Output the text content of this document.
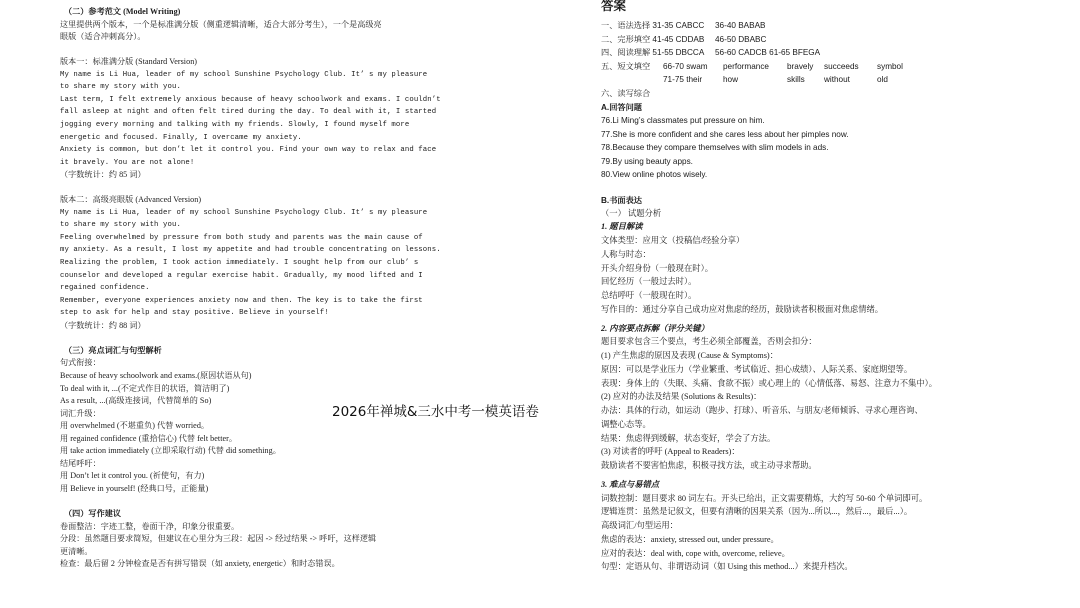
（二）参考范文 (Model Writing)
这里提供两个版本，一个是标准满分版（侧重逻辑清晰，适合大部分考生），一个是高级亮
眼版（适合冲刺高分）。
版本一：标准满分版 (Standard Version)
My name is Li Hua, leader of my school Sunshine Psychology Club. It’ s my pleasure
to share my story with you.
Last term, I felt extremely anxious because of heavy schoolwork and exams. I couldn’t
fall asleep at night and often felt tired during the day. To deal with it, I started
jogging every morning and talking with my friends. Slowly, I found myself more
energetic and focused. Finally, I overcame my anxiety.
Anxiety is common, but don’t let it control you. Find your own way to relax and face
it bravely. You are not alone!
（字数统计：约 85 词）
版本二：高级亮眼版 (Advanced Version)
My name is Li Hua, leader of my school Sunshine Psychology Club. It’ s my pleasure
to share my story with you.
Feeling overwhelmed by pressure from both study and parents was the main cause of
my anxiety. As a result, I lost my appetite and had trouble concentrating on lessons.
Realizing the problem, I took action immediately. I sought help from our club’ s
counselor and developed a regular exercise habit. Gradually, my mood lifted and I
regained confidence.
Remember, everyone experiences anxiety now and then. The key is to take the first
step to ask for help and stay positive. Believe in yourself!
（字数统计：约 88 词）
（三）亮点词汇与句型解析
句式衔接：
Because of heavy schoolwork and exams.(原因状语从句)
To deal with it, ...(不定式作目的状语，简洁明了)
As a result, ...(高级连接词，代替简单的 So)
词汇升级：
用 overwhelmed (不堪重负) 代替 worried。
用 regained confidence (重拾信心) 代替 felt better。
用 take action immediately (立即采取行动) 代替 did something。
结尾呼吁：
用 Don’t let it control you. (祈使句，有力)
用 Believe in yourself! (经典口号，正能量)
（四）写作建议
卷面整洁：字迹工整，卷面干净，印象分很重要。
分段：虽然题目要求简短，但建议在心里分为三段：起因 -> 经过结果 -> 呼吁，这样逻辑
更清晰。
检查：最后留 2 分钟检查是否有拼写错误（如 anxiety, energetic）和时态错误。
答案
一、语法选择 31-35 CABCC 36-40 BABAB
二、完形填空 41-45 CDDAB 46-50 DBABC
四、阅读理解 51-55 DBCCA 56-60 CADCB 61-65 BFEGA
五、短文填空 66-70 swam performance bravely succeeds symbol
71-75 their	how	skills without	old
六、读写综合
A.回答问题
76.Li Ming’s classmates put pressure on him.
77.She is more confident and she cares less about her pimples now.
78.Because they compare themselves with slim models in ads.
79.By using beauty apps.
80.View online photos wisely.
B.书面表达
（一） 试题分析
1. 题目解读
文体类型：应用文（投稿信/经验分享）
人称与时态：
开头介绍身份（一般现在时）。
回忆经历（一般过去时）。
总结呼吁（一般现在时）。
写作目的：通过分享自己成功应对焦虑的经历，鼓励读者积极面对焦虑情绪。
2. 内容要点拆解（评分关键）
题目要求包含三个要点，考生必须全部覆盖，否则会扣分：
(1) 产生焦虑的原因及表现 (Cause & Symptoms)：
原因：可以是学业压力（学业繁重、考试临近、担心成绩）、人际关系、家庭期望等。
表现：身体上的（失眠、头痛、食欲不振）或心理上的（心情低落、易怒、注意力不集中）。
(2) 应对的办法及结果 (Solutions & Results)：
办法：具体的行动，如运动（跑步、打球）、听音乐、与朋友/老师倾诉、寻求心理咨询、
调整心态等。
结果：焦虑得到缓解，状态变好，学会了方法。
(3) 对读者的呼吁 (Appeal to Readers)：
鼓励读者不要害怕焦虑，积极寻找方法，或主动寻求帮助。
3. 难点与易错点
词数控制：题目要求 80 词左右。开头已给出，正文需要精炼，大约写 50-60 个单词即可。
逻辑连贯：虽然是记叙文，但要有清晰的因果关系（因为...所以...，然后...，最后...）。
高级词汇/句型运用：
焦虑的表达：anxiety, stressed out, under pressure。
应对的表达：deal with, cope with, overcome, relieve。
句型：定语从句、非谓语动词（如 Using this method...）来提升档次。
2026年禅城&三水中考一模英语卷
